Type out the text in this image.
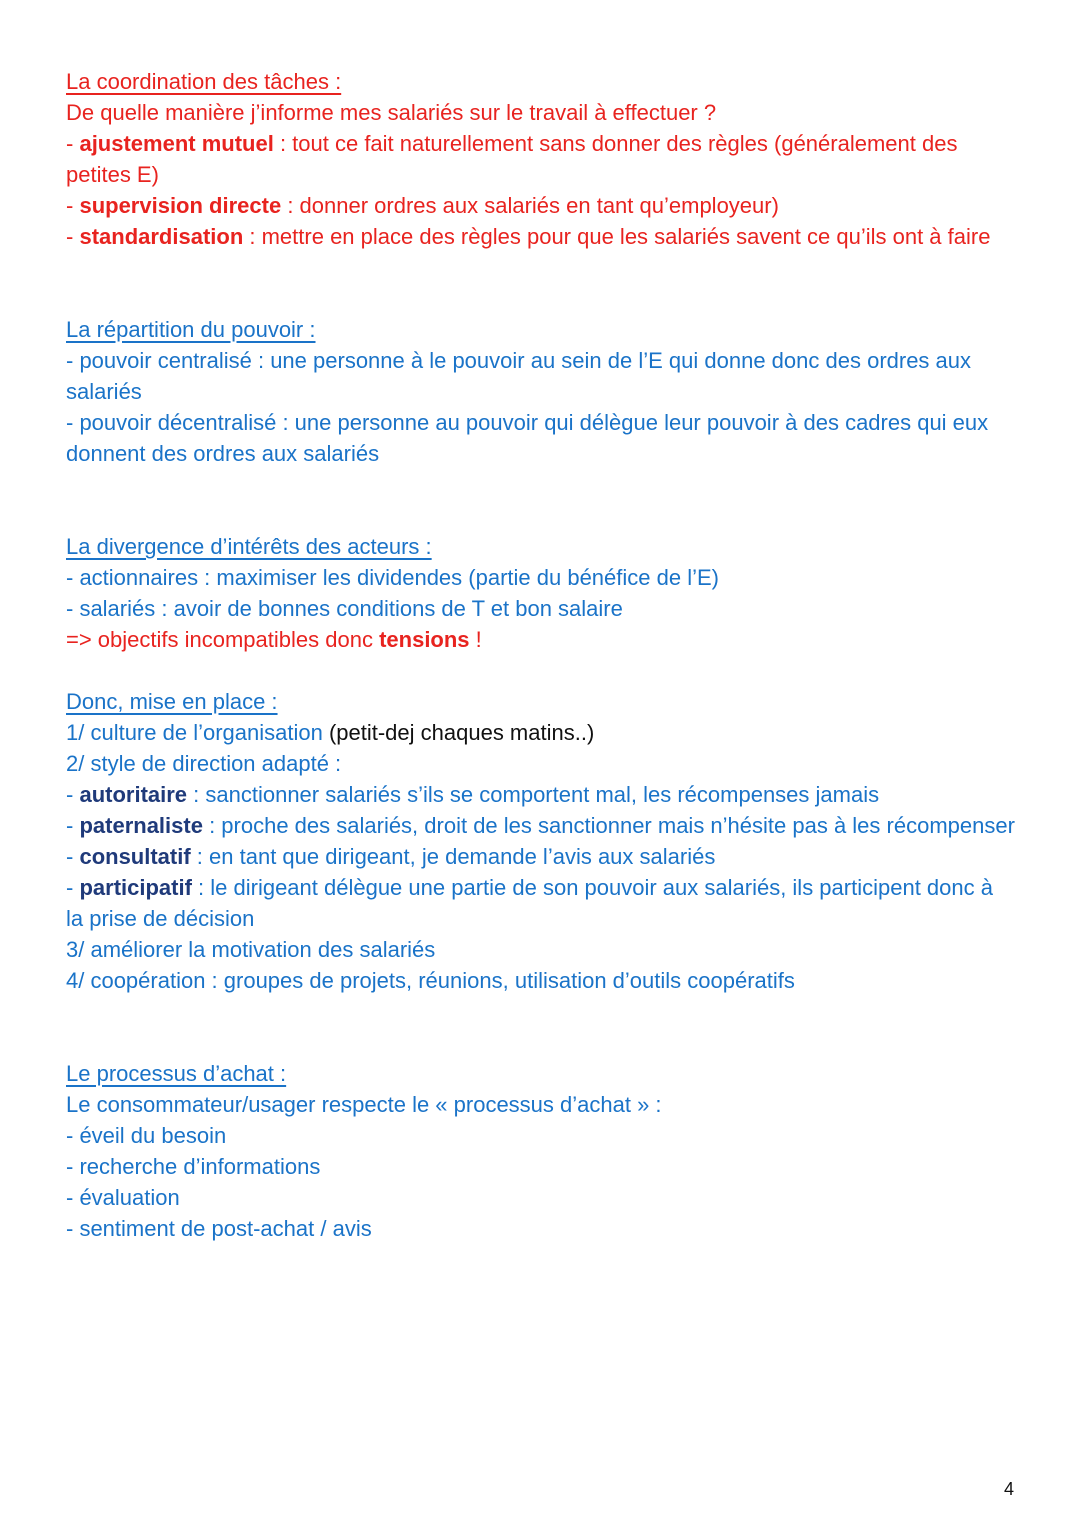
La coordination des tâches :
De quelle manière j’informe mes salariés sur le travail à effectuer ?
- ajustement mutuel : tout ce fait naturellement sans donner des règles (généralement des petites E)
- supervision directe : donner ordres aux salariés en tant qu’employeur)
- standardisation : mettre en place des règles pour que les salariés savent ce qu’ils ont à faire
La répartition du pouvoir :
- pouvoir centralisé : une personne à le pouvoir au sein de l’E qui donne donc des ordres aux salariés
- pouvoir décentralisé : une personne au pouvoir qui délègue leur pouvoir à des cadres qui eux donnent des ordres aux salariés
La divergence d’intérêts des acteurs :
- actionnaires : maximiser les dividendes (partie du bénéfice de l’E)
- salariés : avoir de bonnes conditions de T et bon salaire
=> objectifs incompatibles donc tensions !
Donc, mise en place :
1/ culture de l’organisation (petit-dej chaques matins..)
2/ style de direction adapté :
- autoritaire : sanctionner salariés s’ils se comportent mal, les récompenses jamais
- paternaliste : proche des salariés, droit de les sanctionner mais n’hésite pas à les récompenser
- consultatif : en tant que dirigeant, je demande l’avis aux salariés
- participatif : le dirigeant délègue une partie de son pouvoir aux salariés, ils participent donc à la prise de décision
3/ améliorer la motivation des salariés
4/ coopération : groupes de projets, réunions, utilisation d’outils coopératifs
Le processus d’achat :
Le consommateur/usager respecte le « processus d’achat » :
- éveil du besoin
- recherche d’informations
- évaluation
- sentiment de post-achat / avis
4
